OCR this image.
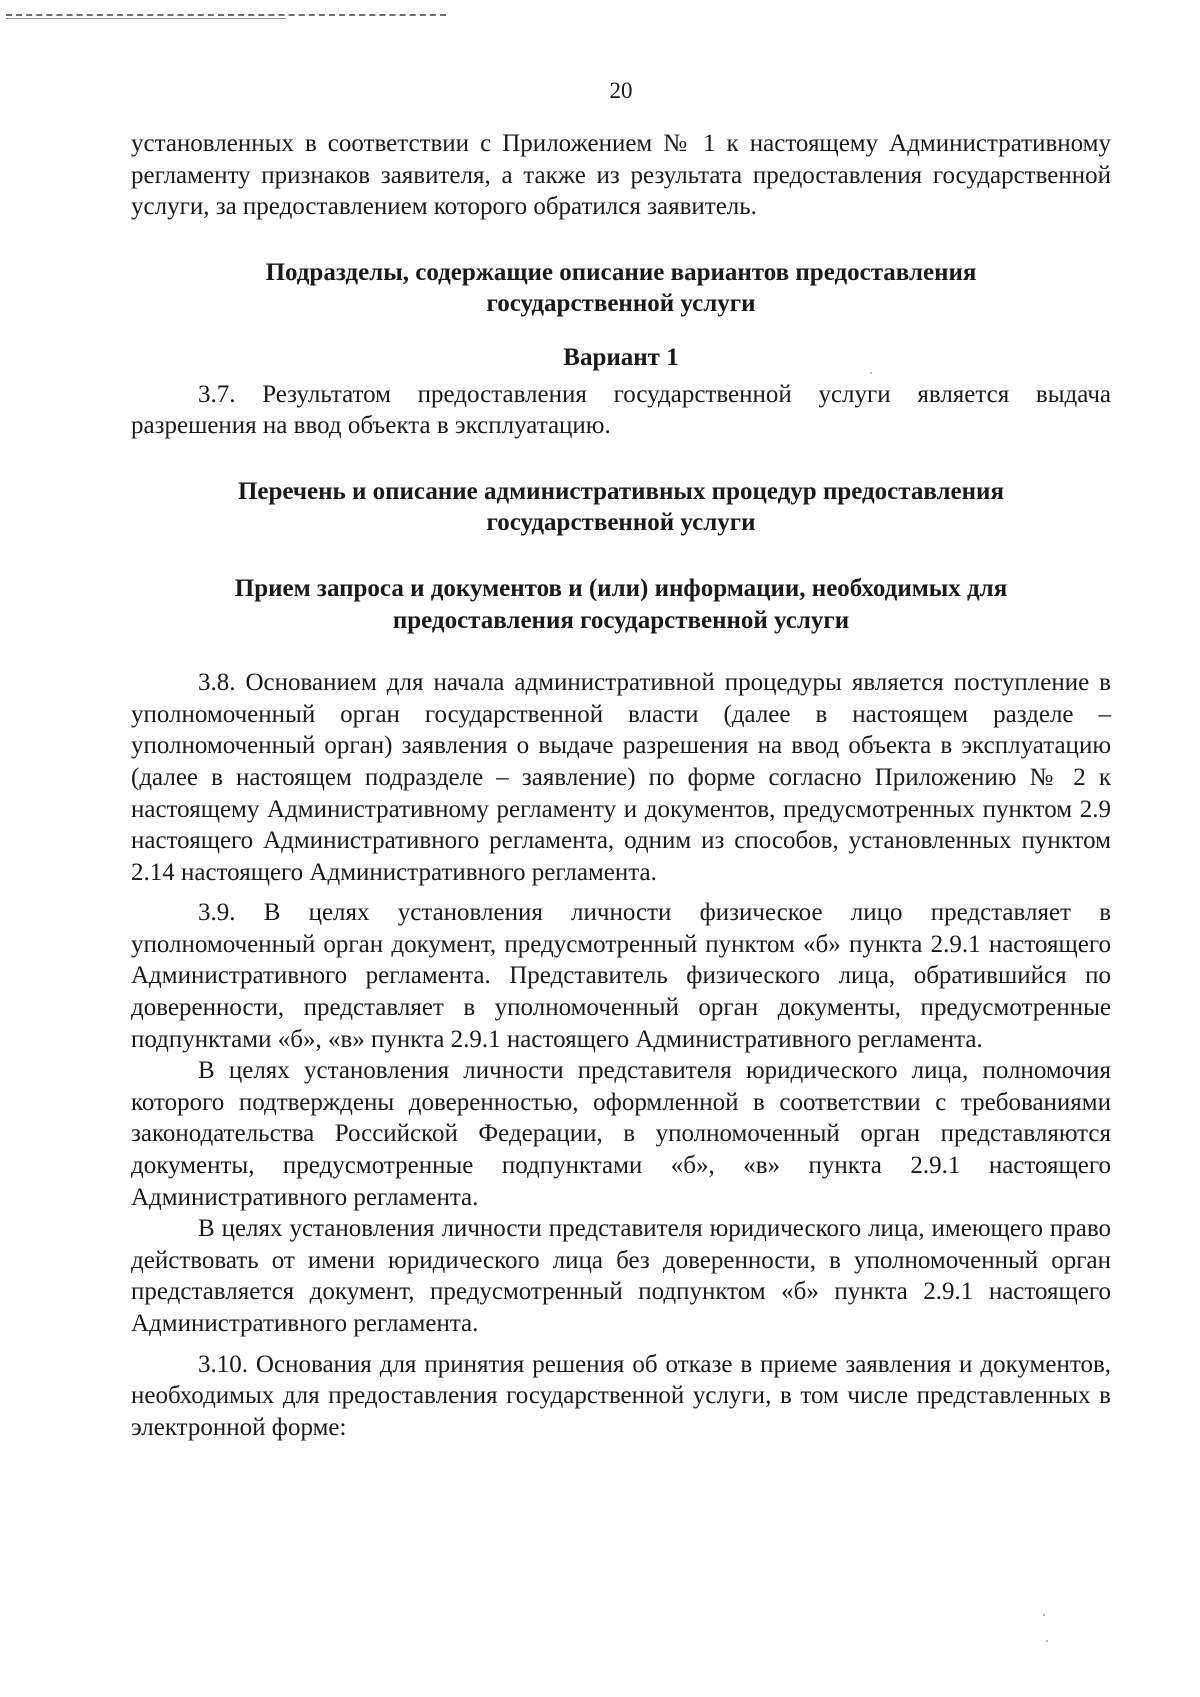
20

установленных в соответствии с Приложением № 1 к настоящему Административному регламенту признаков заявителя, а также из результата предоставления государственной услуги, за предоставлением которого обратился заявитель.

Подразделы, содержащие описание вариантов предоставления
государственной услуги
Вариант 1

3.7. Результатом предоставления государственной услуги является выдача разрешения на ввод объекта в эксплуатацию.

Перечень и описание административных процедур предоставления
государственной услуги
Прием запроса и документов и (или) информации, необходимых для
предоставления государственной услуги

3.8. Основанием для начала административной процедуры является поступление в уполномоченный орган государственной власти (далее в настоящем разделе – уполномоченный орган) заявления о выдаче разрешения на ввод объекта в эксплуатацию (далее в настоящем подразделе – заявление) по форме согласно Приложению № 2 к настоящему Административному регламенту и документов, предусмотренных пунктом 2.9 настоящего Административного регламента, одним из способов, установленных пунктом 2.14 настоящего Административного регламента.

3.9. В целях установления личности физическое лицо представляет в уполномоченный орган документ, предусмотренный пунктом «б» пункта 2.9.1 настоящего Административного регламента. Представитель физического лица, обратившийся по доверенности, представляет в уполномоченный орган документы, предусмотренные подпунктами «б», «в» пункта 2.9.1 настоящего Административного регламента.

В целях установления личности представителя юридического лица, полномочия которого подтверждены доверенностью, оформленной в соответствии с требованиями законодательства Российской Федерации, в уполномоченный орган представляются документы, предусмотренные подпунктами «б», «в» пункта 2.9.1 настоящего Административного регламента.

В целях установления личности представителя юридического лица, имеющего право действовать от имени юридического лица без доверенности, в уполномоченный орган представляется документ, предусмотренный подпунктом «б» пункта 2.9.1 настоящего Административного регламента.

3.10. Основания для принятия решения об отказе в приеме заявления и документов, необходимых для предоставления государственной услуги, в том числе представленных в электронной форме:
